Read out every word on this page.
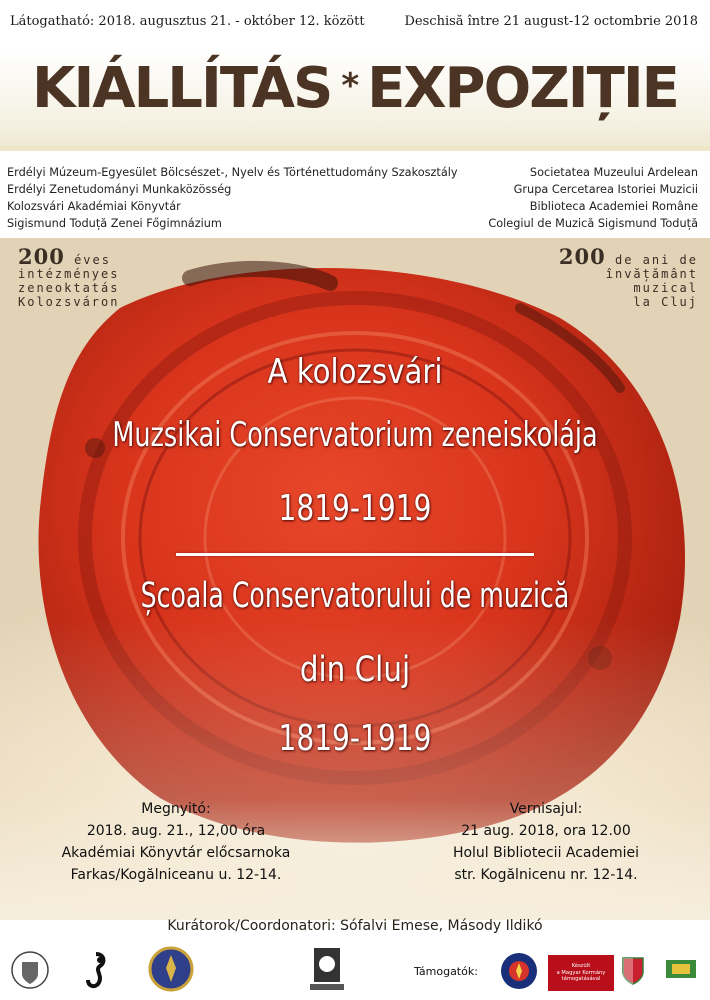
Látogatható: 2018. augusztus 21. - október 12. között	Deschisă între 21 august-12 octombrie 2018
KIÁLLÍTÁS * EXPOZIȚIE
Erdélyi Múzeum-Egyesület Bölcsészet-, Nyelv és Történettudomány Szakosztály
Erdélyi Zenetudományi Munkaközösség
Kolozsvári Akadémiai Könyvtár
Sigismund Toduță Zenei Főgimnázium
Societatea Muzeului Ardelean
Grupa Cercetarea Istoriei Muzicii
Biblioteca Academiei Române
Colegiul de Muzică Sigismund Toduță
200 éves
intézményes
zeneoktatás
Kolozsváron
200 de ani de
învățământ
muzical
la Cluj
A kolozsvári
Muzsikai Conservatorium zeneiskolája
1819-1919
Școala Conservatorului de muzică
din Cluj
1819-1919
Megnyitó:
2018. aug. 21., 12,00 óra
Akadémiai Könyvtár előcsarnoka
Farkas/Kogălniceanu u. 12-14.
Vernisajul:
21 aug. 2018, ora 12.00
Holul Bibliotecii Academiei
str. Kogălnicenu nr. 12-14.
Kurátorok/Coordonatori: Sófalvi Emese, Másody Ildikó
Támogatók:	Készült
a Magyar Kormány
támogatásával
